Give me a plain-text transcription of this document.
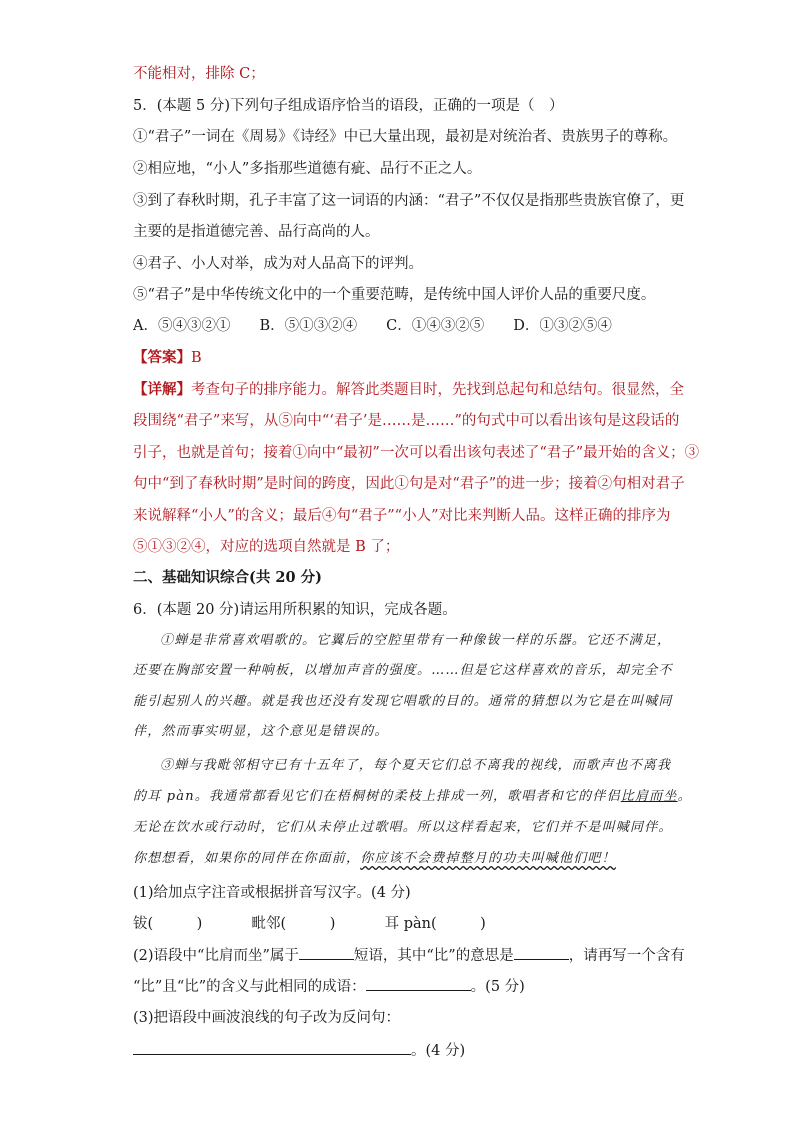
不能相对，排除 C；
5．(本题 5 分)下列句子组成语序恰当的语段，正确的一项是（　）
①“君子”一词在《周易》《诗经》中已大量出现，最初是对统治者、贵族男子的尊称。
②相应地，“小人”多指那些道德有疵、品行不正之人。
③到了春秋时期，孔子丰富了这一词语的内涵：“君子”不仅仅是指那些贵族官僚了，更
主要的是指道德完善、品行高尚的人。
④君子、小人对举，成为对人品高下的评判。
⑤“君子”是中华传统文化中的一个重要范畴，是传统中国人评价人品的重要尺度。
A．⑤④③②①　　B．⑤①③②④　　C．①④③②⑤　　D．①③②⑤④
【答案】B
【详解】考查句子的排序能力。解答此类题目时，先找到总起句和总结句。很显然，全
段围绕“君子”来写，从⑤向中“‘君子’是……是……”的句式中可以看出该句是这段话的
引子，也就是首句；接着①向中“最初”一次可以看出该句表述了“君子”最开始的含义；③
句中“到了春秋时期”是时间的跨度，因此①句是对“君子”的进一步；接着②句相对君子
来说解释“小人”的含义；最后④句“君子”“小人”对比来判断人品。这样正确的排序为
⑤①③②④，对应的选项自然就是 B 了；
二、基础知识综合(共 20 分)
6．(本题 20 分)请运用所积累的知识，完成各题。
①蝉是非常喜欢唱歌的。它翼后的空腔里带有一种像钹一样的乐器。它还不满足，
还要在胸部安置一种响板，以增加声音的强度。……但是它这样喜欢的音乐，却完全不
能引起别人的兴趣。就是我也还没有发现它唱歌的目的。通常的猜想以为它是在叫喊同
伴，然而事实明显，这个意见是错误的。
③蝉与我毗邻相守已有十五年了，每个夏天它们总不离我的视线，而歌声也不离我
的耳 pàn。我通常都看见它们在梧桐树的柔枝上排成一列，歌唱者和它的伴侣比肩而坐。
无论在饮水或行动时，它们从未停止过歌唱。所以这样看起来，它们并不是叫喊同伴。
你想想看，如果你的同伴在你面前，你应该不会费掉整月的功夫叫喊他们吧！
(1)给加点字注音或根据拼音写汉字。(4 分)
钹(　　　)	毗邻(　　　)	耳 pàn(　　　)
(2)语段中“比肩而坐”属于	短语，其中“比”的意思是	，请再写一个含有
“比”且“比”的含义与此相同的成语：	。(5 分)
(3)把语段中画波浪线的句子改为反问句：
。(4 分)
